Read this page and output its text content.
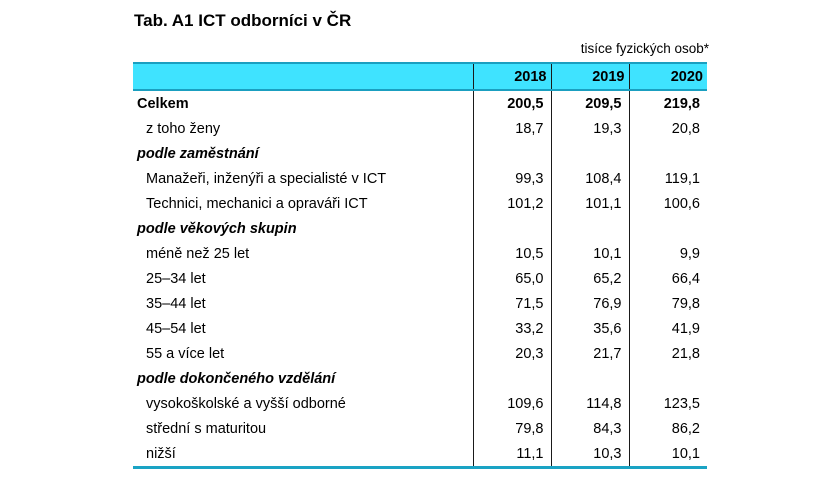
Tab. A1 ICT odborníci v ČR
tisíce fyzických osob*
	2018	2019	2020
Celkem	200,5	209,5	219,8
z toho ženy	18,7	19,3	20,8
podle zaměstnání			
Manažeři, inženýři a specialisté v ICT	99,3	108,4	119,1
Technici, mechanici a opraváři ICT	101,2	101,1	100,6
podle věkových skupin			
méně než 25 let	10,5	10,1	9,9
25–34 let	65,0	65,2	66,4
35–44 let	71,5	76,9	79,8
45–54 let	33,2	35,6	41,9
55 a více let	20,3	21,7	21,8
podle dokončeného vzdělání			
vysokoškolské a vyšší odborné	109,6	114,8	123,5
střední s maturitou	79,8	84,3	86,2
nižší	11,1	10,3	10,1
